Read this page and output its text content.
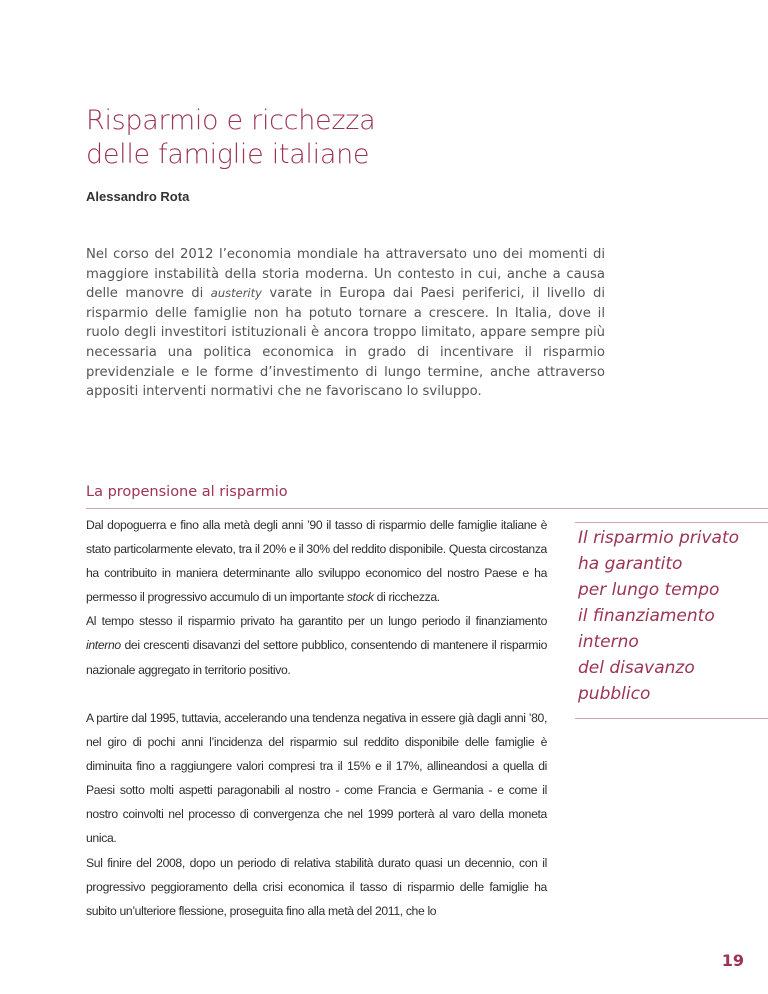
Risparmio e ricchezza
delle famiglie italiane

Alessandro Rota

Nel corso del 2012 l’economia mondiale ha attraversato uno dei momenti di maggiore instabilità della storia moderna. Un contesto in cui, anche a causa delle manovre di austerity varate in Europa dai Paesi periferici, il livello di risparmio delle famiglie non ha potuto tornare a crescere. In Italia, dove il ruolo degli investitori istituzionali è ancora troppo limitato, appare sempre più necessaria una politica economica in grado di incentivare il risparmio previdenziale e le forme d’investimento di lungo termine, anche attraverso appositi interventi normativi che ne favoriscano lo sviluppo.

La propensione al risparmio

Dal dopoguerra e fino alla metà degli anni ’90 il tasso di risparmio delle famiglie italiane è stato particolarmente elevato, tra il 20% e il 30% del reddito disponibile. Questa circostanza ha contribuito in maniera determinante allo sviluppo economico del nostro Paese e ha permesso il progressivo accumulo di un importante stock di ricchezza.
Al tempo stesso il risparmio privato ha garantito per un lungo periodo il finanziamento interno dei crescenti disavanzi del settore pubblico, consentendo di mantenere il risparmio nazionale aggregato in territorio positivo.

A partire dal 1995, tuttavia, accelerando una tendenza negativa in essere già dagli anni ’80, nel giro di pochi anni l’incidenza del risparmio sul reddito disponibile delle famiglie è diminuita fino a raggiungere valori compresi tra il 15% e il 17%, allineandosi a quella di Paesi sotto molti aspetti paragonabili al nostro - come Francia e Germania - e come il nostro coinvolti nel processo di convergenza che nel 1999 porterà al varo della moneta unica.
Sul finire del 2008, dopo un periodo di relativa stabilità durato quasi un decennio, con il progressivo peggioramento della crisi economica il tasso di risparmio delle famiglie ha subito un’ulteriore flessione, proseguita fino alla metà del 2011, che lo

Il risparmio privato

ha garantito

per lungo tempo

il finanziamento

interno

del disavanzo

pubblico

19
